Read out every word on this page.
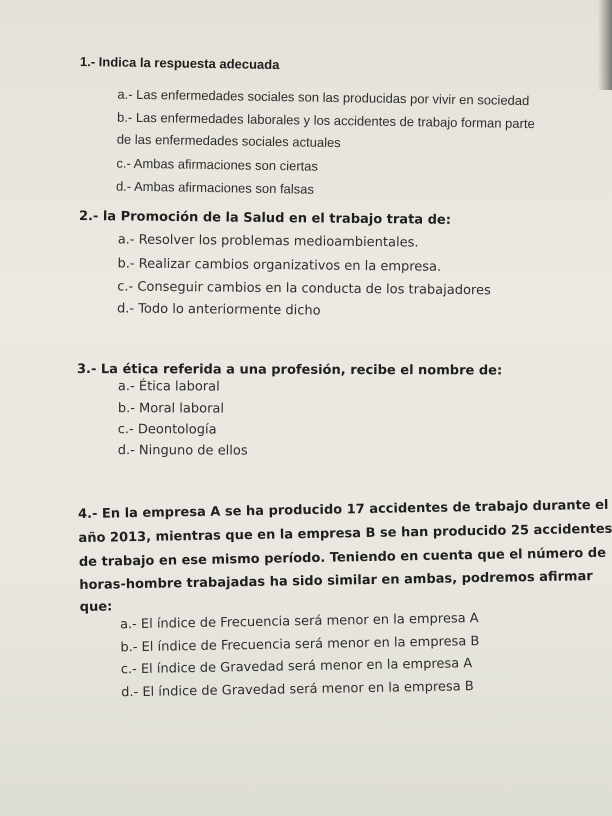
1.- Indica la respuesta adecuada
a.- Las enfermedades sociales son las producidas por vivir en sociedad
b.- Las enfermedades laborales y los accidentes de trabajo forman parte
de las enfermedades sociales actuales
c.- Ambas afirmaciones son ciertas
d.- Ambas afirmaciones son falsas
2.- la Promoción de la Salud en el trabajo trata de:
a.- Resolver los problemas medioambientales.
b.- Realizar cambios organizativos en la empresa.
c.- Conseguir cambios en la conducta de los trabajadores
d.- Todo lo anteriormente dicho
3.- La ética referida a una profesión, recibe el nombre de:
a.- Ética laboral
b.- Moral laboral
c.- Deontología
d.- Ninguno de ellos
4.- En la empresa A se ha producido 17 accidentes de trabajo durante el
año 2013, mientras que en la empresa B se han producido 25 accidentes
de trabajo en ese mismo período. Teniendo en cuenta que el número de
horas-hombre trabajadas ha sido similar en ambas, podremos afirmar
que:
a.- El índice de Frecuencia será menor en la empresa A
b.- El índice de Frecuencia será menor en la empresa B
c.- El índice de Gravedad será menor en la empresa A
d.- El índice de Gravedad será menor en la empresa B
